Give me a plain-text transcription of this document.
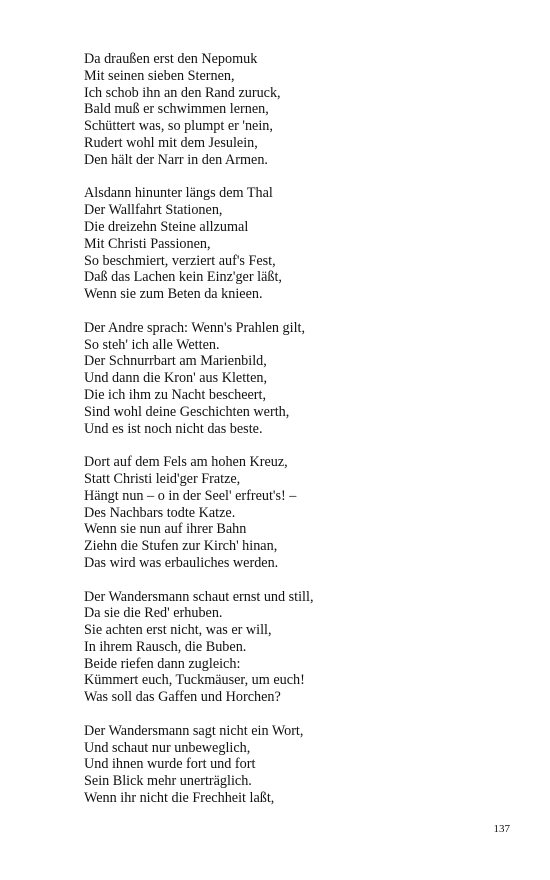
Da draußen erst den Nepomuk
Mit seinen sieben Sternen,
Ich schob ihn an den Rand zuruck,
Bald muß er schwimmen lernen,
Schüttert was, so plumpt er 'nein,
Rudert wohl mit dem Jesulein,
Den hält der Narr in den Armen.
Alsdann hinunter längs dem Thal
Der Wallfahrt Stationen,
Die dreizehn Steine allzumal
Mit Christi Passionen,
So beschmiert, verziert auf's Fest,
Daß das Lachen kein Einz'ger läßt,
Wenn sie zum Beten da knieen.
Der Andre sprach: Wenn's Prahlen gilt,
So steh' ich alle Wetten.
Der Schnurrbart am Marienbild,
Und dann die Kron' aus Kletten,
Die ich ihm zu Nacht bescheert,
Sind wohl deine Geschichten werth,
Und es ist noch nicht das beste.
Dort auf dem Fels am hohen Kreuz,
Statt Christi leid'ger Fratze,
Hängt nun – o in der Seel' erfreut's! –
Des Nachbars todte Katze.
Wenn sie nun auf ihrer Bahn
Ziehn die Stufen zur Kirch' hinan,
Das wird was erbauliches werden.
Der Wandersmann schaut ernst und still,
Da sie die Red' erhuben.
Sie achten erst nicht, was er will,
In ihrem Rausch, die Buben.
Beide riefen dann zugleich:
Kümmert euch, Tuckmäuser, um euch!
Was soll das Gaffen und Horchen?
Der Wandersmann sagt nicht ein Wort,
Und schaut nur unbeweglich,
Und ihnen wurde fort und fort
Sein Blick mehr unerträglich.
Wenn ihr nicht die Frechheit laßt,
137
